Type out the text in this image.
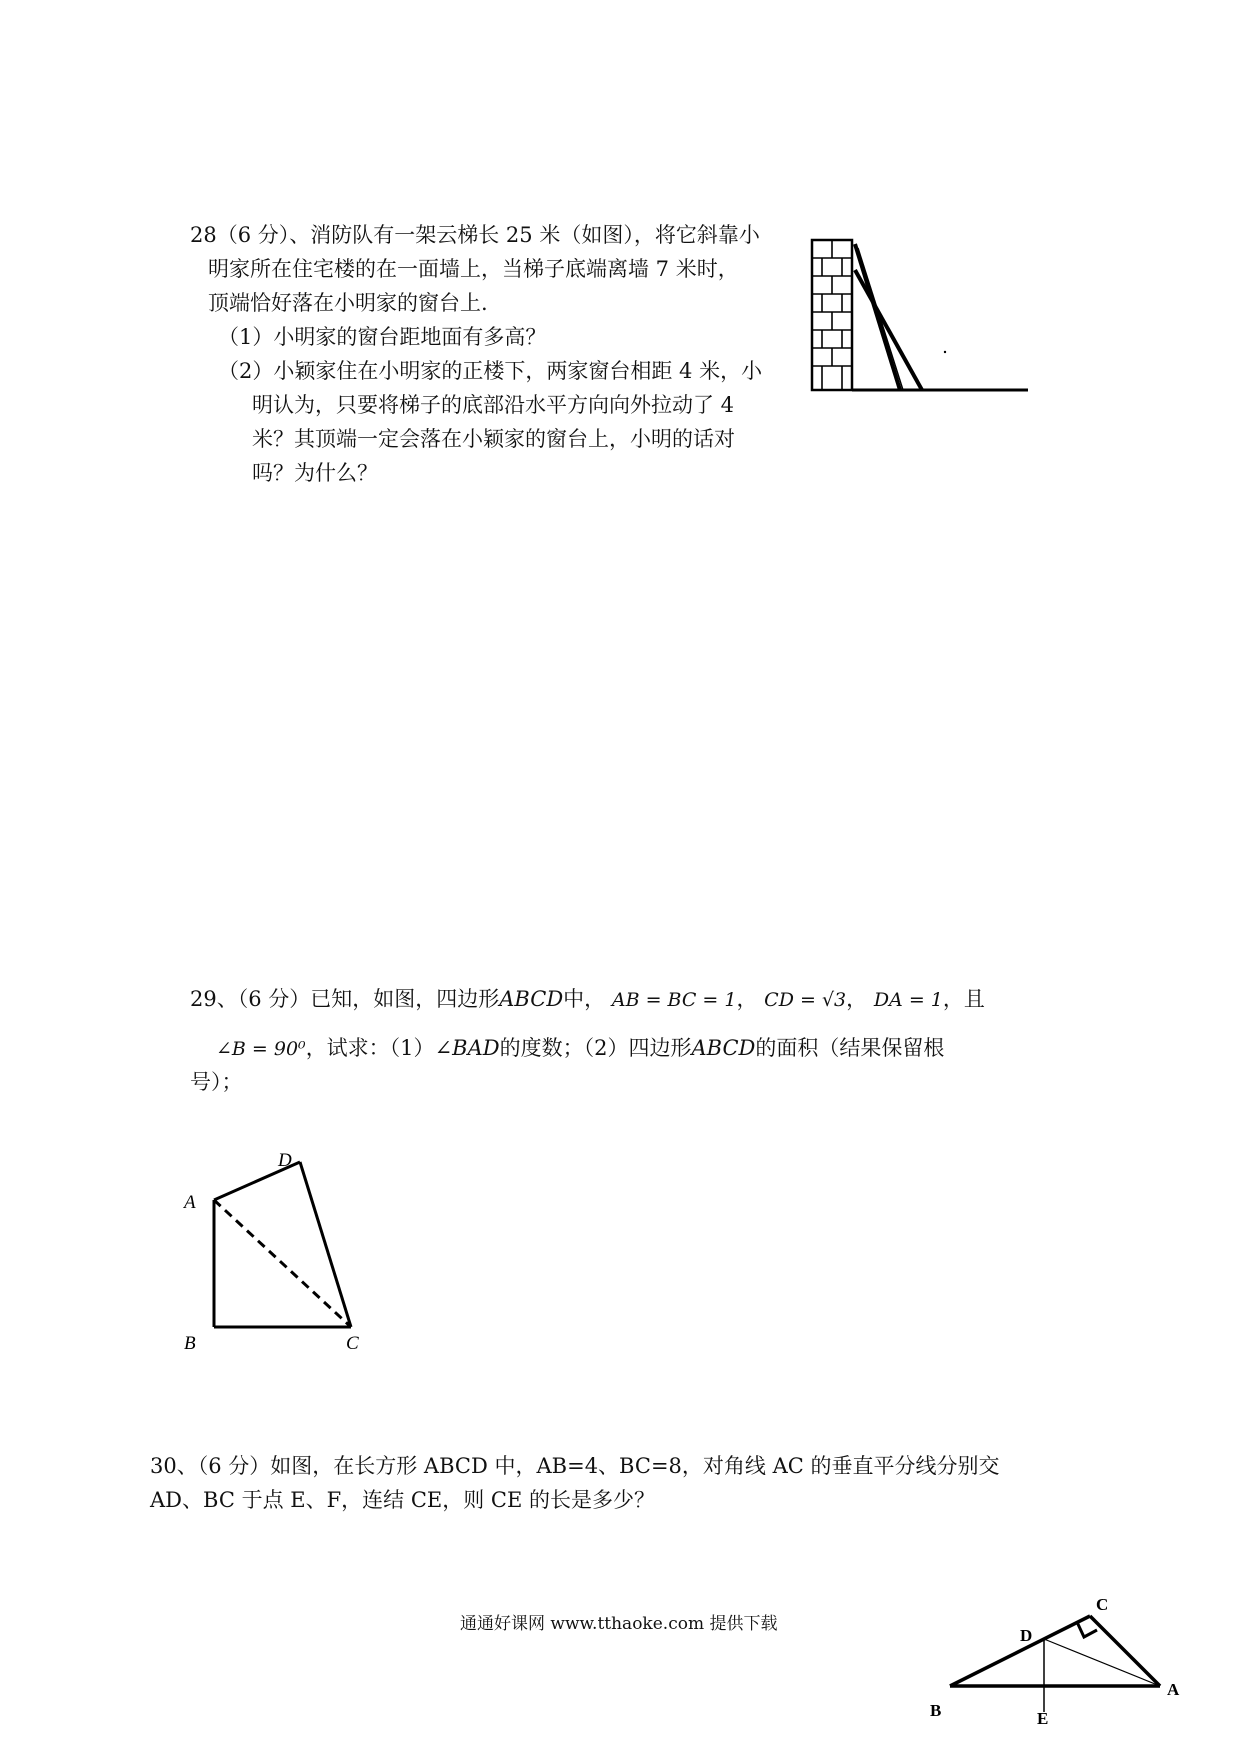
28（6 分）、消防队有一架云梯长 25 米（如图），将它斜靠小
明家所在住宅楼的在一面墙上，当梯子底端离墙 7 米时，
顶端恰好落在小明家的窗台上.
（1）小明家的窗台距地面有多高？
（2）小颖家住在小明家的正楼下，两家窗台相距 4 米，小
明认为，只要将梯子的底部沿水平方向向外拉动了 4
米？其顶端一定会落在小颖家的窗台上，小明的话对
吗？为什么？
29、（6 分）已知，如图，四边形ABCD中， AB = BC = 1， CD = √3， DA = 1，且
∠B = 90⁰，试求：（1）∠BAD的度数；（2）四边形ABCD的面积（结果保留根
号）；
D
A
B	C
30、（6 分）如图，在长方形 ABCD 中，AB=4、BC=8，对角线 AC 的垂直平分线分别交
AD、BC 于点 E、F，连结 CE，则 CE 的长是多少？
通通好课网 www.tthaoke.com 提供下载
C
D
B	E
A
